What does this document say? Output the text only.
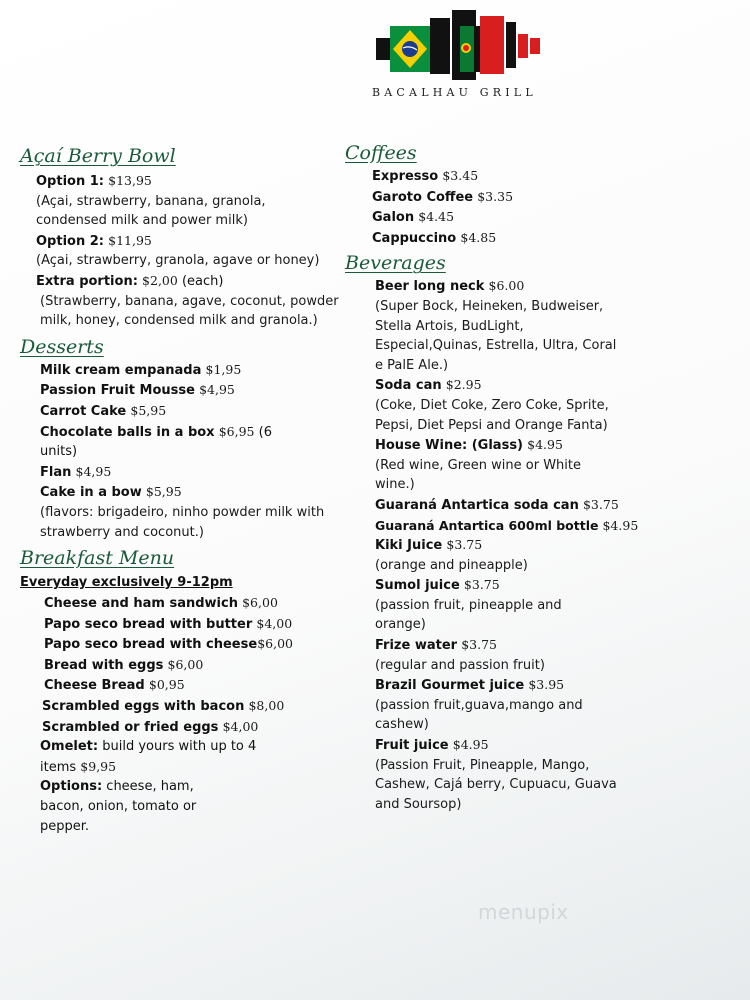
BACALHAU GRILL
Açaí Berry Bowl
Option 1: $13,95
(Açai, strawberry, banana, granola, condensed milk and power milk)
Option 2: $11,95
(Açai, strawberry, granola, agave or honey)
Extra portion: $2,00 (each)
(Strawberry, banana, agave, coconut, powder milk, honey, condensed milk and granola.)
Desserts
Milk cream empanada $1,95
Passion Fruit Mousse $4,95
Carrot Cake $5,95
Chocolate balls in a box $6,95 (6 units)
Flan $4,95
Cake in a bow $5,95
(flavors: brigadeiro, ninho powder milk with strawberry and coconut.)
Breakfast Menu
Everyday exclusively 9-12pm
Cheese and ham sandwich $6,00
Papo seco bread with butter $4,00
Papo seco bread with cheese$6,00
Bread with eggs $6,00
Cheese Bread $0,95
Scrambled eggs with bacon $8,00
Scrambled or fried eggs $4,00
Omelet: build yours with up to 4 items $9,95
Options: cheese, ham, bacon, onion, tomato or pepper.
Coffees
Expresso $3.45
Garoto Coffee $3.35
Galon $4.45
Cappuccino $4.85
Beverages
Beer long neck $6.00
(Super Bock, Heineken, Budweiser, Stella Artois, BudLight, Especial,Quinas, Estrella, Ultra, Coral e PalE Ale.)
Soda can $2.95
(Coke, Diet Coke, Zero Coke, Sprite, Pepsi, Diet Pepsi and Orange Fanta)
House Wine: (Glass) $4.95
(Red wine, Green wine or White wine.)
Guaraná Antartica soda can $3.75
Guaraná Antartica 600ml bottle $4.95
Kiki Juice $3.75
(orange and pineapple)
Sumol juice $3.75
(passion fruit, pineapple and orange)
Frize water $3.75
(regular and passion fruit)
Brazil Gourmet juice $3.95
(passion fruit,guava,mango and cashew)
Fruit juice $4.95
(Passion Fruit, Pineapple, Mango, Cashew, Cajá berry, Cupuacu, Guava and Soursop)
menupix
